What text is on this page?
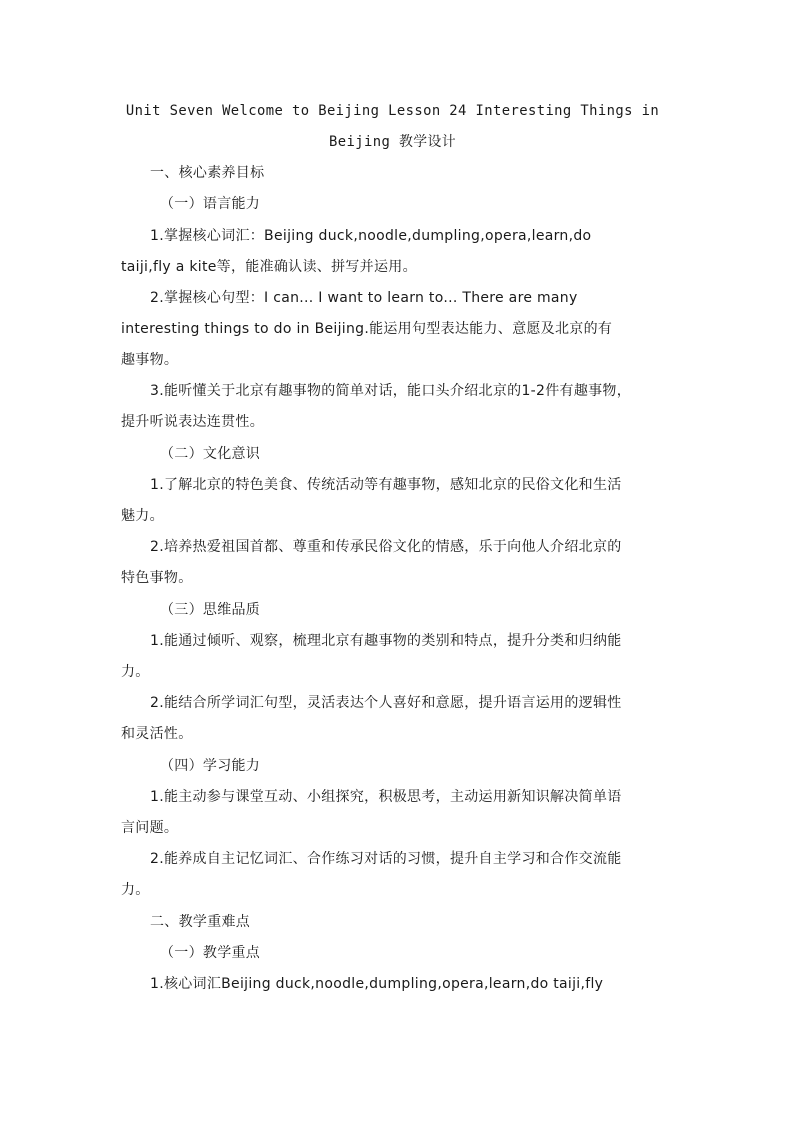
Unit Seven Welcome to Beijing Lesson 24 Interesting Things in
Beijing 教学设计
一、核心素养目标
（一）语言能力
1.掌握核心词汇：Beijing duck,noodle,dumpling,opera,learn,do
taiji,fly a kite等，能准确认读、拼写并运用。
2.掌握核心句型：I can... I want to learn to... There are many
interesting things to do in Beijing.能运用句型表达能力、意愿及北京的有
趣事物。
3.能听懂关于北京有趣事物的简单对话，能口头介绍北京的1-2件有趣事物，
提升听说表达连贯性。
（二）文化意识
1.了解北京的特色美食、传统活动等有趣事物，感知北京的民俗文化和生活
魅力。
2.培养热爱祖国首都、尊重和传承民俗文化的情感，乐于向他人介绍北京的
特色事物。
（三）思维品质
1.能通过倾听、观察，梳理北京有趣事物的类别和特点，提升分类和归纳能
力。
2.能结合所学词汇句型，灵活表达个人喜好和意愿，提升语言运用的逻辑性
和灵活性。
（四）学习能力
1.能主动参与课堂互动、小组探究，积极思考，主动运用新知识解决简单语
言问题。
2.能养成自主记忆词汇、合作练习对话的习惯，提升自主学习和合作交流能
力。
二、教学重难点
（一）教学重点
1.核心词汇Beijing duck,noodle,dumpling,opera,learn,do taiji,fly
